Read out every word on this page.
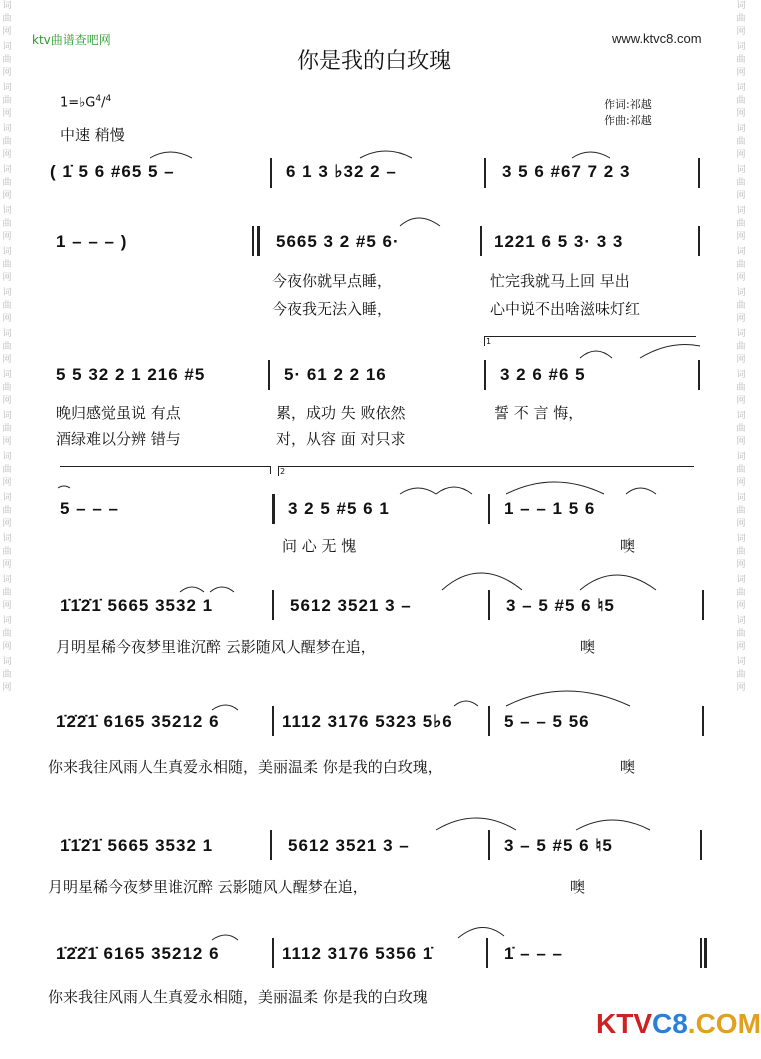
词
曲
网
词
曲
网
词
曲
网
词
曲
网
词
曲
网
词
曲
网
词
曲
网
词
曲
网
词
曲
网
词
曲
网
词
曲
网
词
曲
网
词
曲
网
词
曲
网
词
曲
网
词
曲
网
词
曲
网
词
曲
网
词
曲
网
词
曲
网
词
曲
网
词
曲
网
词
曲
网
词
曲
网
词
曲
网
词
曲
网
词
曲
网
词
曲
网
词
曲
网
词
曲
网
词
曲
网
词
曲
网
词
曲
网
词
曲
网
ktv曲谱查吧网	www.ktvc8.com
你是我的白玫瑰
$1=♭G^4/^4$
中速 稍慢
作词:祁越
作曲:祁越
( 1̇ 5 6 #65 5 –	6 1 3 ♭32 2 –	3 5 6 #67 7 2 3
1 – – – )	5665 3 2 #5 6·	1221 6 5 3· 3 3
今夜你就早点睡，	忙完我就马上回 早出
今夜我无法入睡，	心中说不出啥滋味灯红
1
5 5 32 2 1 216 #5	5· 61 2 2 16	3 2 6 #6 5
晚归感觉虽说 有点	累，成功 失 败依然	誓 不 言 悔，
酒绿难以分辨 错与	对，从容 面 对只求
2
5 – – –	3 2 5 #5 6 1	1 – – 1 5 6
问 心 无 愧	噢
1̇1̇2̇1̇ 5665 3532 1	5612 3521 3 –	3 – 5 #5 6 ♮5
月明星稀今夜梦里谁沉醉 云影随风人醒梦在追，	噢
1̇2̇2̇1̇ 6165 35212 6	1112 3176 5323 5♭6	5 – – 5 56
你来我往风雨人生真爱永相随，美丽温柔 你是我的白玫瑰，	噢
1̇1̇2̇1̇ 5665 3532 1	5612 3521 3 –	3 – 5 #5 6 ♮5
月明星稀今夜梦里谁沉醉 云影随风人醒梦在追，	噢
1̇2̇2̇1̇ 6165 35212 6	1112 3176 5356 1̇	1̇ – – –
你来我往风雨人生真爱永相随，美丽温柔 你是我的白玫瑰
KTVC8.COM
